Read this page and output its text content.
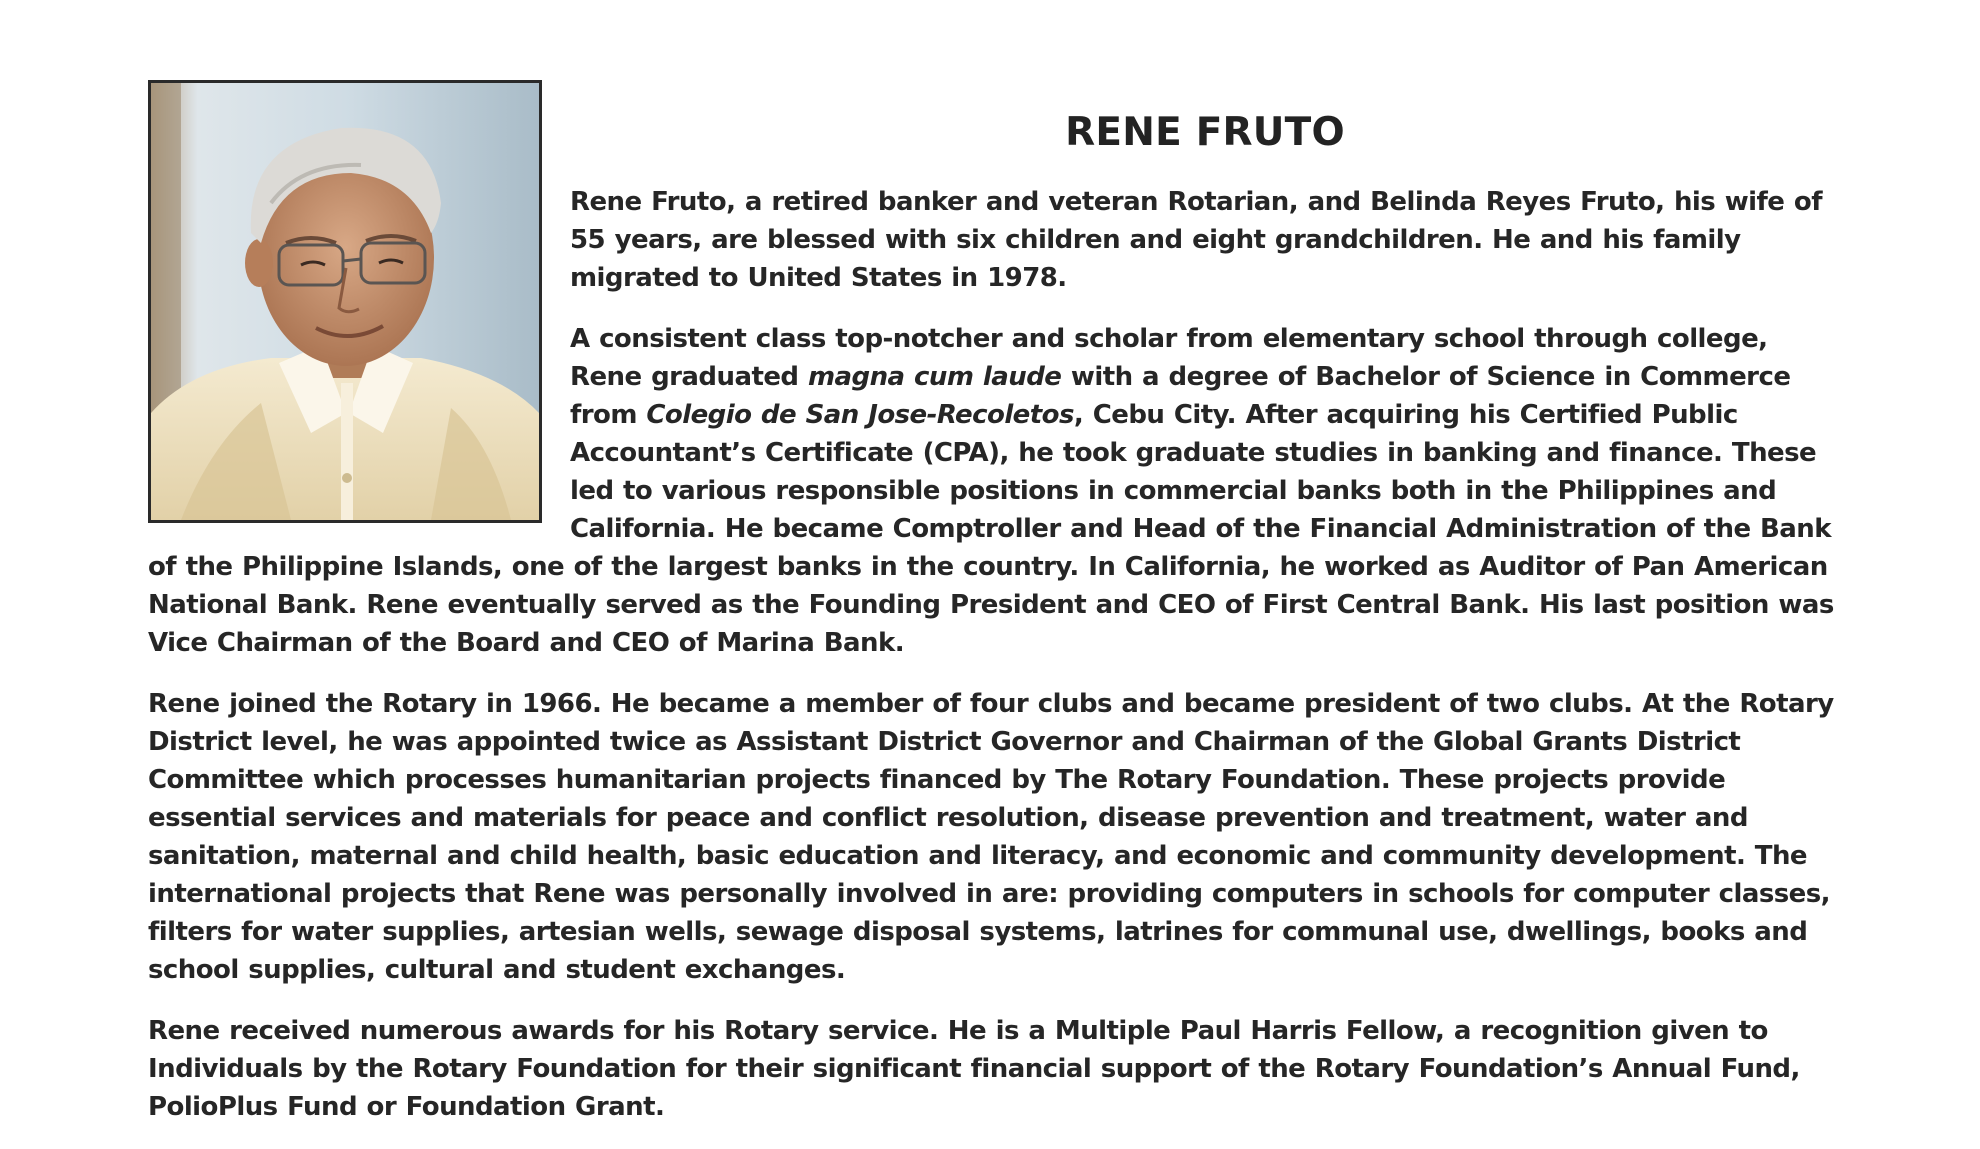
RENE FRUTO

Rene Fruto, a retired banker and veteran Rotarian, and Belinda Reyes Fruto, his wife of 55 years, are blessed with six children and eight grandchildren. He and his family migrated to United States in 1978.

A consistent class top-notcher and scholar from elementary school through college, Rene graduated magna cum laude with a degree of Bachelor of Science in Commerce from Colegio de San Jose-Recoletos, Cebu City. After acquiring his Certified Public Accountant’s Certificate (CPA), he took graduate studies in banking and finance. These led to various responsible positions in commercial banks both in the Philippines and California. He became Comptroller and Head of the Financial Administration of the Bank of the Philippine Islands, one of the largest banks in the country. In California, he worked as Auditor of Pan American National Bank. Rene eventually served as the Founding President and CEO of First Central Bank. His last position was Vice Chairman of the Board and CEO of Marina Bank.

Rene joined the Rotary in 1966. He became a member of four clubs and became president of two clubs. At the Rotary District level, he was appointed twice as Assistant District Governor and Chairman of the Global Grants District Committee which processes humanitarian projects financed by The Rotary Foundation. These projects provide essential services and materials for peace and conflict resolution, disease prevention and treatment, water and sanitation, maternal and child health, basic education and literacy, and economic and community development. The international projects that Rene was personally involved in are: providing computers in schools for computer classes, filters for water supplies, artesian wells, sewage disposal systems, latrines for communal use, dwellings, books and school supplies, cultural and student exchanges.

Rene received numerous awards for his Rotary service. He is a Multiple Paul Harris Fellow, a recognition given to Individuals by the Rotary Foundation for their significant financial support of the Rotary Foundation’s Annual Fund, PolioPlus Fund or Foundation Grant.
